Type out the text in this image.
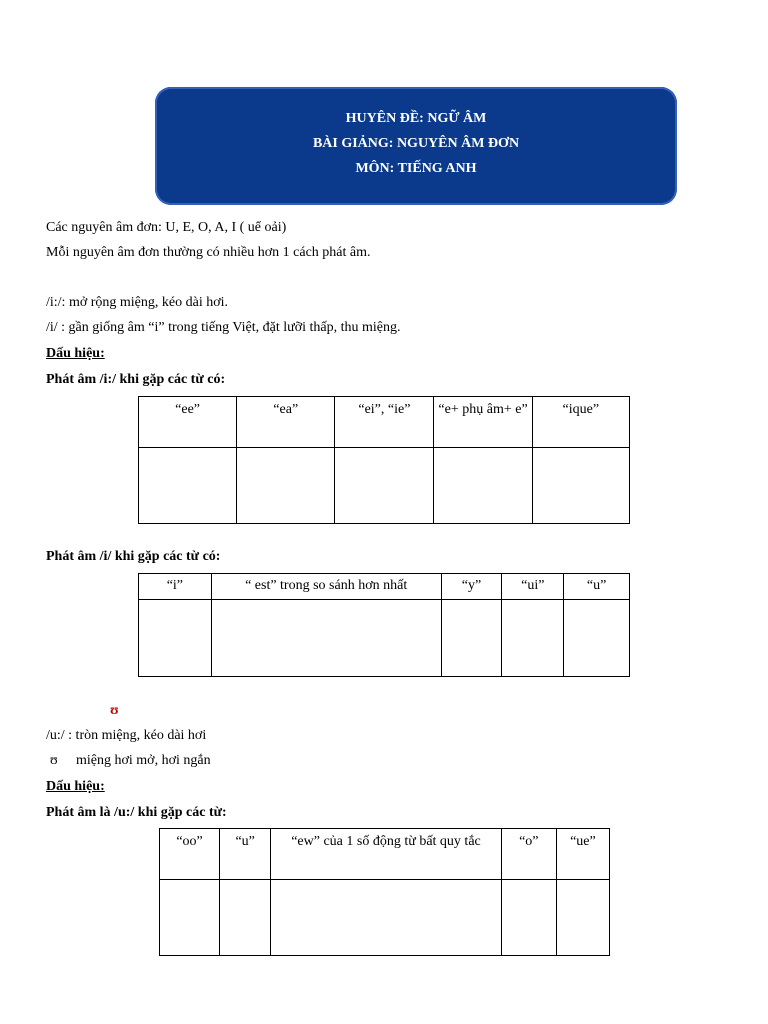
HUYÊN ĐỀ: NGỮ ÂM
BÀI GIẢNG: NGUYÊN ÂM ĐƠN
MÔN: TIẾNG ANH
Các nguyên âm đơn: U, E, O, A, I ( uể oải)
Mỗi nguyên âm đơn thường có nhiều hơn 1 cách phát âm.
/i:/: mở rộng miệng, kéo dài hơi.
/i/ : gần giống âm “i” trong tiếng Việt, đặt lưỡi thấp, thu miệng.
Dấu hiệu:
Phát âm /i:/ khi gặp các từ có:
“ee”	“ea”	“ei”, “ie”	“e+ phụ âm+ e”	“ique”

Phát âm /i/ khi gặp các từ có:
“i”	“ est” trong so sánh hơn nhất	“y”	“ui”	“u”

ʊ
/u:/ : tròn miệng, kéo dài hơi
ʊ miệng hơi mở, hơi ngắn
Dấu hiệu:
Phát âm là /u:/ khi gặp các từ:
“oo”	“u”	“ew” của 1 số động từ bất quy tắc	“o”	“ue”
